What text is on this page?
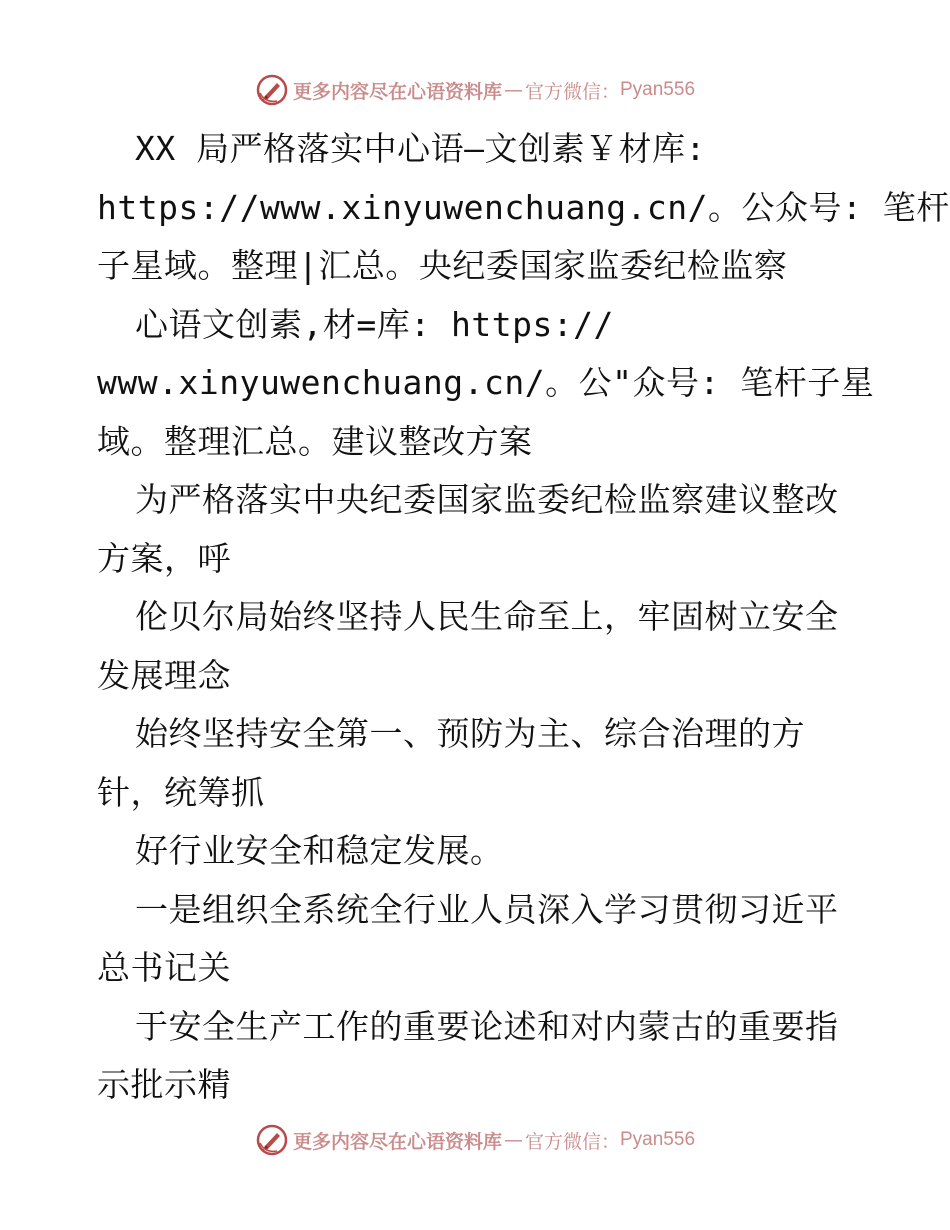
更多内容尽在心语资料库 — 官方微信： Pyan556
XX 局严格落实中心语—文创素￥材库:
https://www.xinyuwenchuang.cn/。公众号: 笔杆
子星域。整理|汇总。央纪委国家监委纪检监察
心语文创素,材=库: https://
www.xinyuwenchuang.cn/。公"众号: 笔杆子星
域。整理汇总。建议整改方案
为严格落实中央纪委国家监委纪检监察建议整改
方案，呼
伦贝尔局始终坚持人民生命至上，牢固树立安全
发展理念
始终坚持安全第一、预防为主、综合治理的方
针，统筹抓
好行业安全和稳定发展。
一是组织全系统全行业人员深入学习贯彻习近平
总书记关
于安全生产工作的重要论述和对内蒙古的重要指
示批示精
更多内容尽在心语资料库 — 官方微信： Pyan556
